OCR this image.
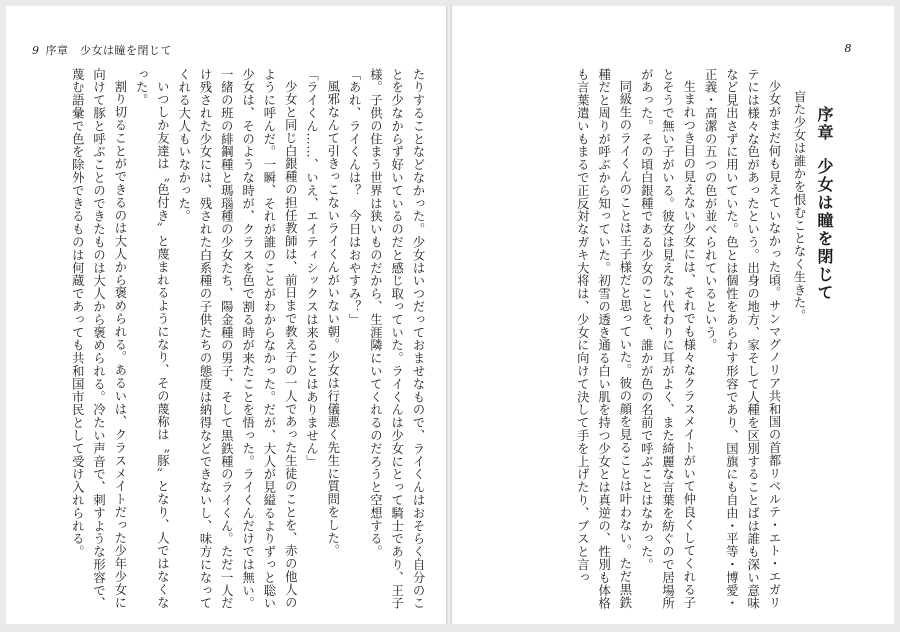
9 序章　少女は瞳を閉じて

たりすることなどなかった。少女はいつだっておませなもので、ライくんはおそらく自分のことを少なからず好いているのだと感じ取っていた。ライくんは少女にとって騎士であり、王子様。子供の住まう世界は狭いものだから、生涯隣にいてくれるのだろうと空想する。

「あれ、ライくんは？　今日はおやすみ？」

風邪なんて引きっこないライくんがいない朝。少女は行儀悪く先生に質問をした。

「ライくん……、いえ、エイティシックスは来ることはありません」

少女と同じ白銀種の担任教師は、前日まで教え子の一人であった生徒のことを、赤の他人のように呼んだ。一瞬、それが誰のことがわからなかった。だが、大人が見縊るよりずっと聡い少女は、そのような時が、クラスを色で割る時が来たことを悟った。ライくんだけでは無い。一緒の班の緋鋼種と瑪瑙種の少女たち、陽金種の男子、そして黒鉄種のライくん。ただ一人だけ残された少女には、残された白系種の子供たちの態度は納得などできないし、味方になってくれる大人もいなかった。

いつしか友達は〝色付き〟と蔑まれるようになり、その蔑称は〝豚〟となり、人ではなくなった。

割り切ることができるのは大人から褒められる。あるいは、クラスメイトだった少年少女に向けて豚と呼ぶことのできたものは大人から褒められる。冷たい声音で、刺すような形容で、蔑む語彙で色を除外できるものは何蔵であっても共和国市民として受け入れられる。

8
序章少女は瞳を閉じて
盲た少女は誰かを恨むことなく生きた。

少女がまだ何も見えていなかった頃。サンマグノリア共和国の首都リベルテ・エト・エガリテには様々な色があったという。出身の地方、家そして人種を区別することばは誰も深い意味など見出さずに用いていた。色とは個性をあらわす形容であり、国旗にも自由・平等・博愛・正義・高潔の五つの色が並べられているという。

生まれつき目の見えない少女には、それでも様々なクラスメイトがいて仲良くしてくれる子とそうで無い子がいる。彼女は見えない代わりに耳がよく、また綺麗な言葉を紡ぐので居場所があった。その頃白銀種である少女のことを、誰かが色の名前で呼ぶことはなかった。

同級生のライくんのことは王子様だと思っていた。彼の顔を見ることは叶わない。ただ黒鉄種だと周りが呼ぶから知っていた。初雪の透き通る白い肌を持つ少女とは真逆の、性別も体格も言葉遣いもまるで正反対なガキ大将は、少女に向けて決して手を上げたり、ブスと言っ
